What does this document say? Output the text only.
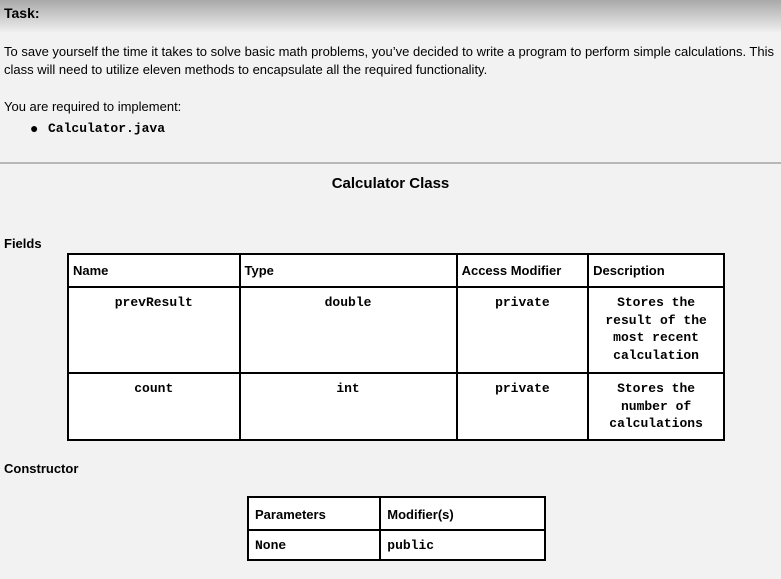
Task:

To save yourself the time it takes to solve basic math problems, you’ve decided to write a program to perform simple calculations. This class will need to utilize eleven methods to encapsulate all the required functionality.

You are required to implement:
● Calculator.java
Calculator Class
Fields
Name	Type	Access Modifier	Description
prevResult	double	private	Stores the result of the most recent calculation
count	int	private	Stores the number of calculations
Constructor
Parameters	Modifier(s)
None	public
